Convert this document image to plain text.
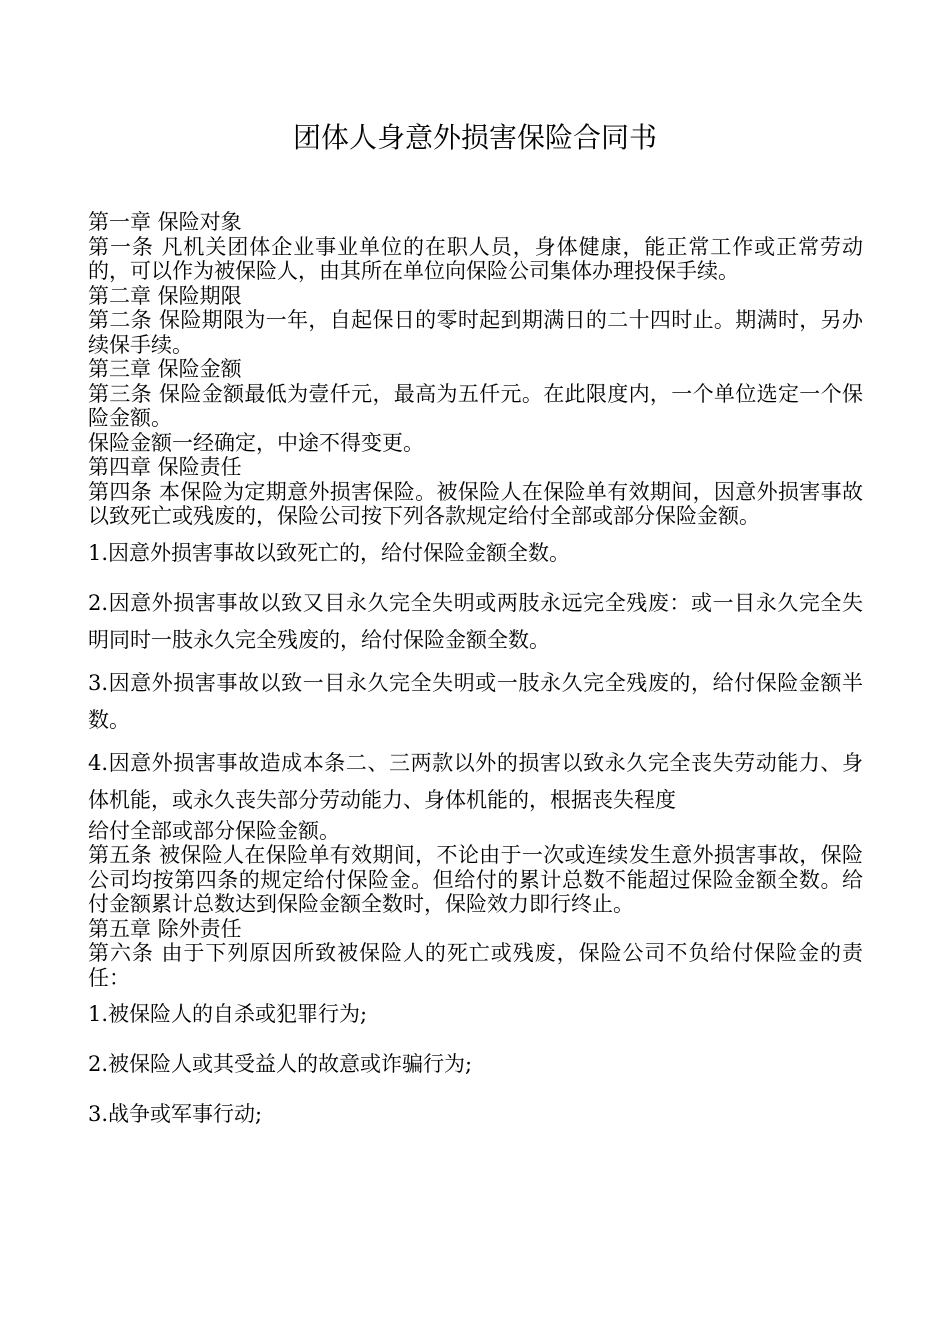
团体人身意外损害保险合同书

第一章 保险对象

第一条 凡机关团体企业事业单位的在职人员，身体健康，能正常工作或正常劳动的，可以作为被保险人，由其所在单位向保险公司集体办理投保手续。

第二章 保险期限

第二条 保险期限为一年，自起保日的零时起到期满日的二十四时止。期满时，另办续保手续。

第三章 保险金额

第三条 保险金额最低为壹仟元，最高为五仟元。在此限度内，一个单位选定一个保险金额。

保险金额一经确定，中途不得变更。

第四章 保险责任

第四条 本保险为定期意外损害保险。被保险人在保险单有效期间，因意外损害事故以致死亡或残废的，保险公司按下列各款规定给付全部或部分保险金额。

1.因意外损害事故以致死亡的，给付保险金额全数。

2.因意外损害事故以致又目永久完全失明或两肢永远完全残废：或一目永久完全失明同时一肢永久完全残废的，给付保险金额全数。

3.因意外损害事故以致一目永久完全失明或一肢永久完全残废的，给付保险金额半数。

4.因意外损害事故造成本条二、三两款以外的损害以致永久完全丧失劳动能力、身体机能，或永久丧失部分劳动能力、身体机能的，根据丧失程度

给付全部或部分保险金额。

第五条 被保险人在保险单有效期间，不论由于一次或连续发生意外损害事故，保险公司均按第四条的规定给付保险金。但给付的累计总数不能超过保险金额全数。给付金额累计总数达到保险金额全数时，保险效力即行终止。

第五章 除外责任

第六条 由于下列原因所致被保险人的死亡或残废，保险公司不负给付保险金的责任：

1.被保险人的自杀或犯罪行为;

2.被保险人或其受益人的故意或诈骗行为;

3.战争或军事行动;
